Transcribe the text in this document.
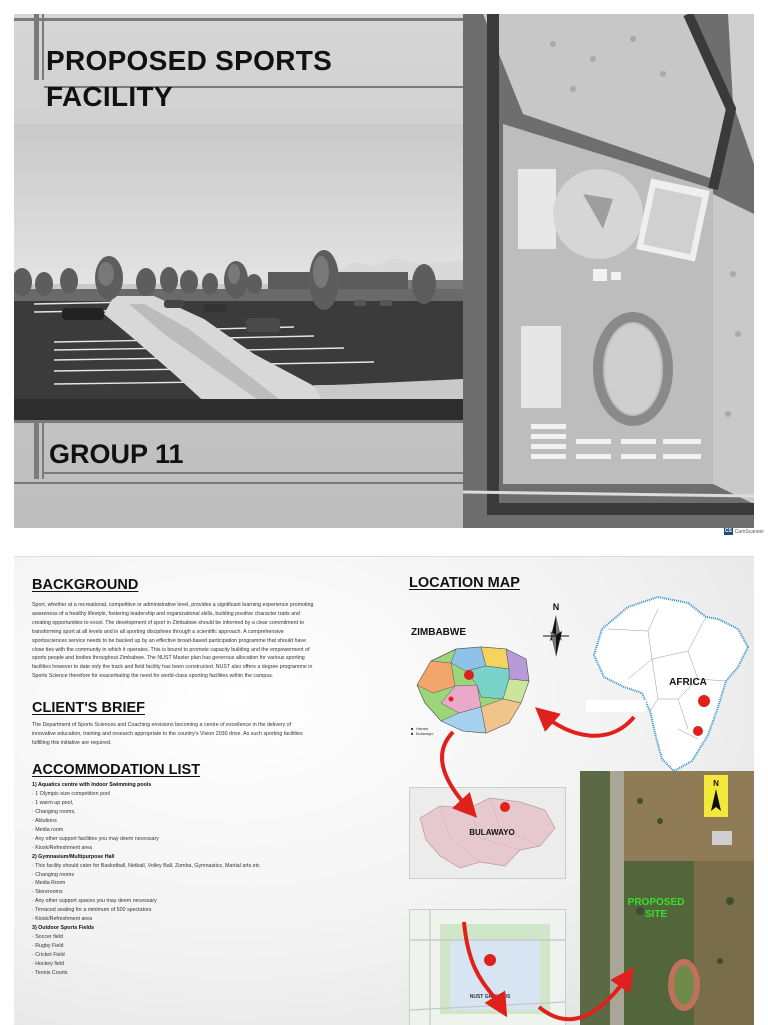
PROPOSED SPORTS
FACILITY
GROUP 11
CS CamScanner
BACKGROUND
Sport, whether at a recreational, competitive or administrative level, provides a significant learning experience promoting
awareness of a healthy lifestyle, fostering leadership and organizational skills, building positive character traits and
creating opportunities to excel. The development of sport in Zimbabwe should be informed by a clear commitment to
transforming sport at all levels and in all sporting disciplines through a scientific approach. A comprehensive
sportssciences service needs to be backed up by an effective broad-based participation programme that should have
close ties with the community in which it operates. This is bound to promote capacity building and the empowerment of
sports people and bodies throughout Zimbabwe. The NUST Master plan has generous allocation for various sporting
facilities however to date only the track and field facility has been constructed. NUST also offers a degree programme in
Sports Science therefore for exacerbating the need for world-class sporting facilities within the campus.
CLIENT'S BRIEF
The Department of Sports Sciences and Coaching envisions becoming a centre of excellence in the delivery of
innovative education, training and research appropriate to the country's Vision 2030 drive. As such sporting facilities
fulfilling this initiative are required.
ACCOMMODATION LIST
1) Aquatics centre with Indoor Swimming pools
· 1 Olympic-size competition pool
· 1 warm-up pool,
· Changing rooms,
· Ablutions
· Media room
· Any other support facilities you may deem necessary
· Kiosk/Refreshment area
2) Gymnasium/Multipurpose Hall
· This facility should cater for Basketball, Netball, Volley Ball, Zumba, Gymnastics, Martial arts etc
· Changing rooms
· Media Room
· Storerooms
· Any other support spaces you may deem necessary
· Terraced seating for a minimum of 500 spectators
· Kiosk/Refreshment area
3) Outdoor Sports Fields
· Soccer field
· Rugby Field
· Cricket Field
· Hockey field
· Tennis Courts
LOCATION MAP
ZIMBABWE
■ Harare
■ Bulawayo
N
AFRICA
BULAWAYO
NUST GROUNDS
N
PROPOSED
SITE
